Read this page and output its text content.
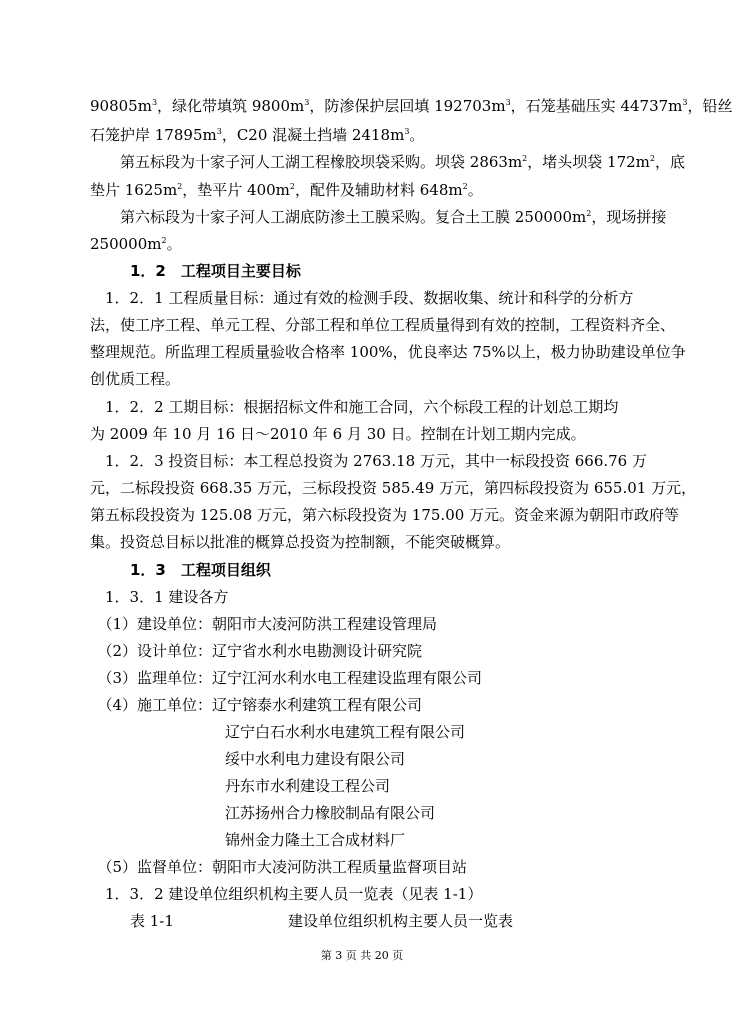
$90805m^3$，绿化带填筑 $9800m^3$，防渗保护层回填 $192703m^3$，石笼基础压实 $44737m^3$，铅丝
石笼护岸 $17895m^3$，C20 混凝土挡墙 $2418m^3$。
　　第五标段为十家子河人工湖工程橡胶坝袋采购。坝袋 $2863m^2$，堵头坝袋 $172m^2$，底
垫片 $1625m^2$，垫平片 $400m^2$，配件及辅助材料 $648m^2$。
　　第六标段为十家子河人工湖底防渗土工膜采购。复合土工膜 $250000m^2$，现场拼接
$250000m^2$。
1．2　工程项目主要目标
　1．2．1 工程质量目标：通过有效的检测手段、数据收集、统计和科学的分析方
法，使工序工程、单元工程、分部工程和单位工程质量得到有效的控制，工程资料齐全、
整理规范。所监理工程质量验收合格率 100%，优良率达 75%以上，极力协助建设单位争
创优质工程。
　1．2．2 工期目标：根据招标文件和施工合同，六个标段工程的计划总工期均
为 2009 年 10 月 16 日～2010 年 6 月 30 日。控制在计划工期内完成。
　1．2．3 投资目标：本工程总投资为 2763.18 万元，其中一标段投资 666.76 万
元，二标段投资 668.35 万元，三标段投资 585.49 万元，第四标段投资为 655.01 万元，
第五标段投资为 125.08 万元，第六标段投资为 175.00 万元。资金来源为朝阳市政府等
集。投资总目标以批准的概算总投资为控制额，不能突破概算。
1．3　工程项目组织
　1．3．1 建设各方
　（1）建设单位：朝阳市大凌河防洪工程建设管理局
　（2）设计单位：辽宁省水利水电勘测设计研究院
　（3）监理单位：辽宁江河水利水电工程建设监理有限公司
　（4）施工单位：辽宁镕泰水利建筑工程有限公司
　　　　　　　　　辽宁白石水利水电建筑工程有限公司
　　　　　　　　　绥中水利电力建设有限公司
　　　　　　　　　丹东市水利建设工程公司
　　　　　　　　　江苏扬州合力橡胶制品有限公司
　　　　　　　　　锦州金力隆土工合成材料厂
　（5）监督单位：朝阳市大凌河防洪工程质量监督项目站
　1．3．2 建设单位组织机构主要人员一览表（见表 1-1）
表 1-1	建设单位组织机构主要人员一览表
第 3 页 共 20 页
